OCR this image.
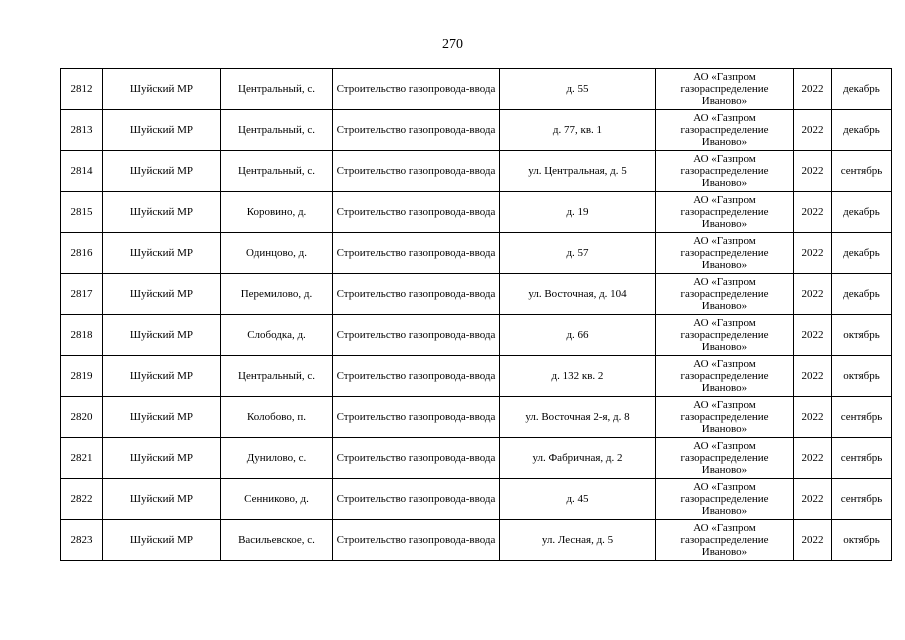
270
2812	Шуйский МР	Центральный, с.	Строительство газопровода-ввода	д. 55	АО «Газпром
газораспределение
Иваново»	2022	декабрь

2813	Шуйский МР	Центральный, с.	Строительство газопровода-ввода	д. 77, кв. 1	АО «Газпром
газораспределение
Иваново»	2022	декабрь

2814	Шуйский МР	Центральный, с.	Строительство газопровода-ввода	ул. Центральная, д. 5	АО «Газпром
газораспределение
Иваново»	2022	сентябрь

2815	Шуйский МР	Коровино, д.	Строительство газопровода-ввода	д. 19	АО «Газпром
газораспределение
Иваново»	2022	декабрь

2816	Шуйский МР	Одинцово, д.	Строительство газопровода-ввода	д. 57	АО «Газпром
газораспределение
Иваново»	2022	декабрь

2817	Шуйский МР	Перемилово, д.	Строительство газопровода-ввода	ул. Восточная, д. 104	АО «Газпром
газораспределение
Иваново»	2022	декабрь

2818	Шуйский МР	Слободка, д.	Строительство газопровода-ввода	д. 66	АО «Газпром
газораспределение
Иваново»	2022	октябрь

2819	Шуйский МР	Центральный, с.	Строительство газопровода-ввода	д. 132 кв. 2	АО «Газпром
газораспределение
Иваново»	2022	октябрь

2820	Шуйский МР	Колобово, п.	Строительство газопровода-ввода	ул. Восточная 2-я, д. 8	АО «Газпром
газораспределение
Иваново»	2022	сентябрь

2821	Шуйский МР	Дунилово, с.	Строительство газопровода-ввода	ул. Фабричная, д. 2	АО «Газпром
газораспределение
Иваново»	2022	сентябрь

2822	Шуйский МР	Сенниково, д.	Строительство газопровода-ввода	д. 45	АО «Газпром
газораспределение
Иваново»	2022	сентябрь

2823	Шуйский МР	Васильевское, с.	Строительство газопровода-ввода	ул. Лесная, д. 5	АО «Газпром
газораспределение
Иваново»	2022	октябрь
